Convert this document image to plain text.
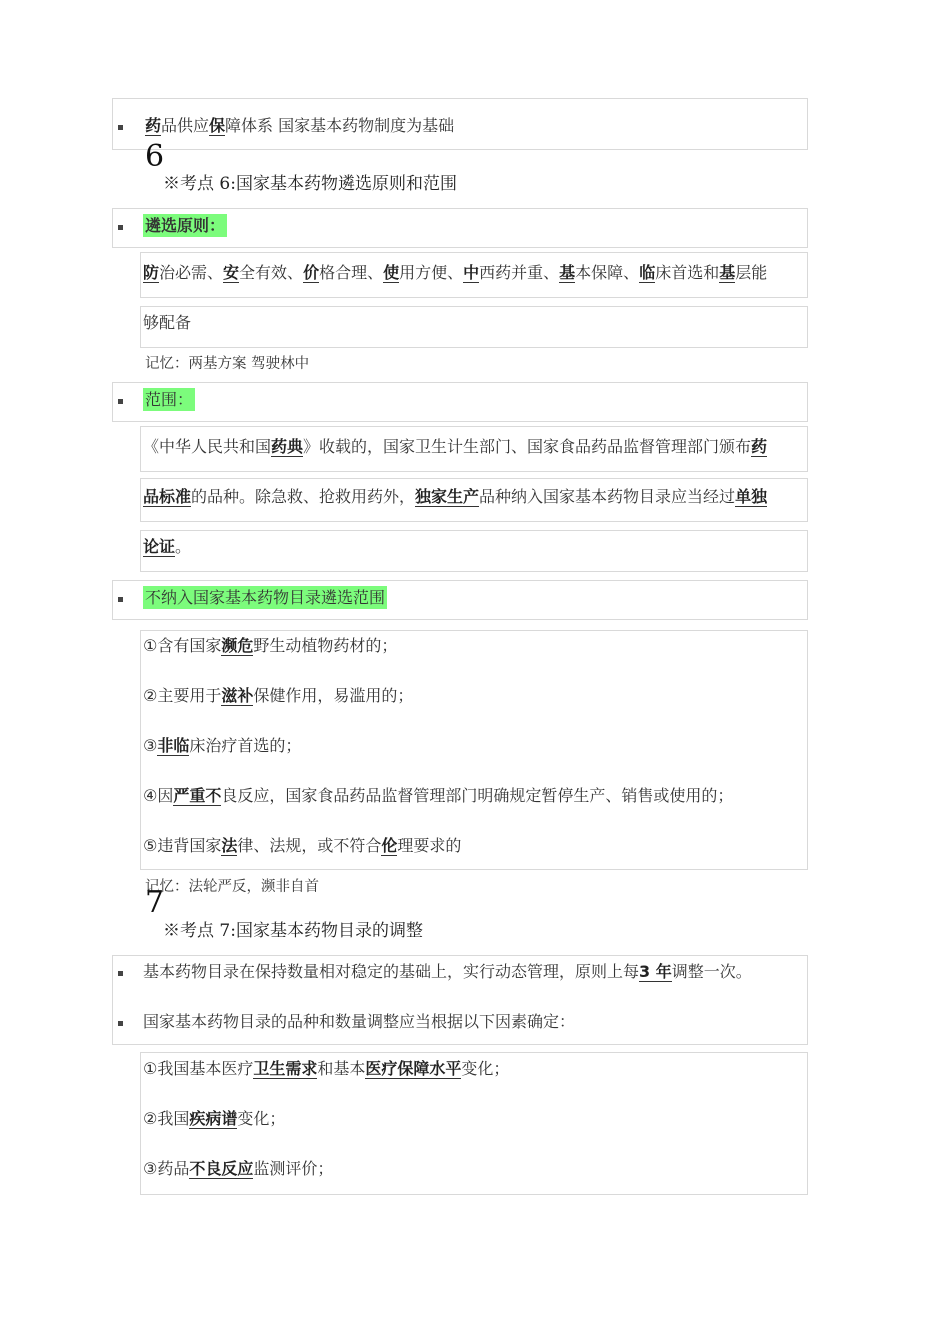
药品供应保障体系 国家基本药物制度为基础
6
※考点 6:国家基本药物遴选原则和范围
遴选原则：
防治必需、安全有效、价格合理、使用方便、中西药并重、基本保障、临床首选和基层能
够配备
记忆：两基方案 驾驶林中
范围：
《中华人民共和国药典》收载的，国家卫生计生部门、国家食品药品监督管理部门颁布药
品标准的品种。除急救、抢救用药外，独家生产品种纳入国家基本药物目录应当经过单独
论证。
不纳入国家基本药物目录遴选范围
①含有国家濒危野生动植物药材的；
②主要用于滋补保健作用，易滥用的；
③非临床治疗首选的；
④因严重不良反应，国家食品药品监督管理部门明确规定暂停生产、销售或使用的；
⑤违背国家法律、法规，或不符合伦理要求的
记忆：法轮严反，濒非自首
7
※考点 7:国家基本药物目录的调整
基本药物目录在保持数量相对稳定的基础上，实行动态管理，原则上每3 年调整一次。
国家基本药物目录的品种和数量调整应当根据以下因素确定：
①我国基本医疗卫生需求和基本医疗保障水平变化；
②我国疾病谱变化；
③药品不良反应监测评价；
